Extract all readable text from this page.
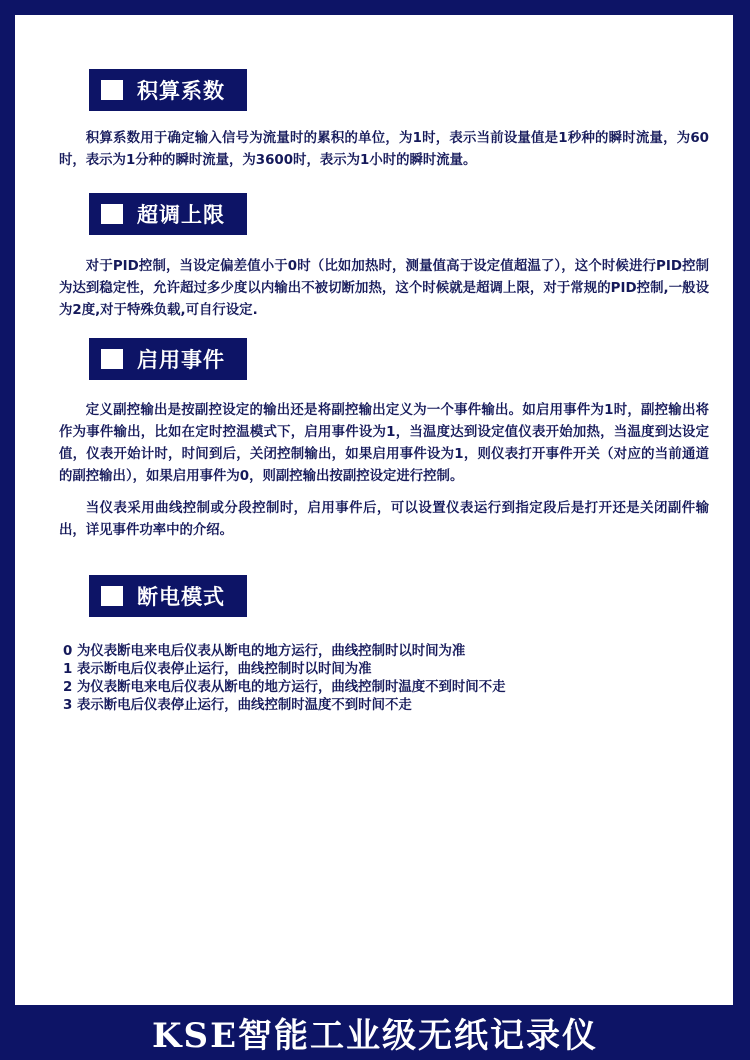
积算系数

积算系数用于确定输入信号为流量时的累积的单位，为1时，表示当前设量值是1秒种的瞬时流量，为60时，表示为1分种的瞬时流量，为3600时，表示为1小时的瞬时流量。

超调上限

对于PID控制，当设定偏差值小于0时（比如加热时，测量值高于设定值超温了），这个时候进行PID控制为达到稳定性，允许超过多少度以内输出不被切断加热，这个时候就是超调上限，对于常规的PID控制,一般设为2度,对于特殊负载,可自行设定.

启用事件

定义副控输出是按副控设定的输出还是将副控输出定义为一个事件输出。如启用事件为1时，副控输出将作为事件输出，比如在定时控温模式下，启用事件设为1，当温度达到设定值仪表开始加热，当温度到达设定值，仪表开始计时，时间到后，关闭控制输出，如果启用事件设为1，则仪表打开事件开关（对应的当前通道的副控输出），如果启用事件为0，则副控输出按副控设定进行控制。

当仪表采用曲线控制或分段控制时，启用事件后，可以设置仪表运行到指定段后是打开还是关闭副件输出，详见事件功率中的介绍。

断电模式
0 为仪表断电来电后仪表从断电的地方运行，曲线控制时以时间为准
1 表示断电后仪表停止运行，曲线控制时以时间为准
2 为仪表断电来电后仪表从断电的地方运行，曲线控制时温度不到时间不走
3 表示断电后仪表停止运行，曲线控制时温度不到时间不走
KSE智能工业级无纸记录仪
